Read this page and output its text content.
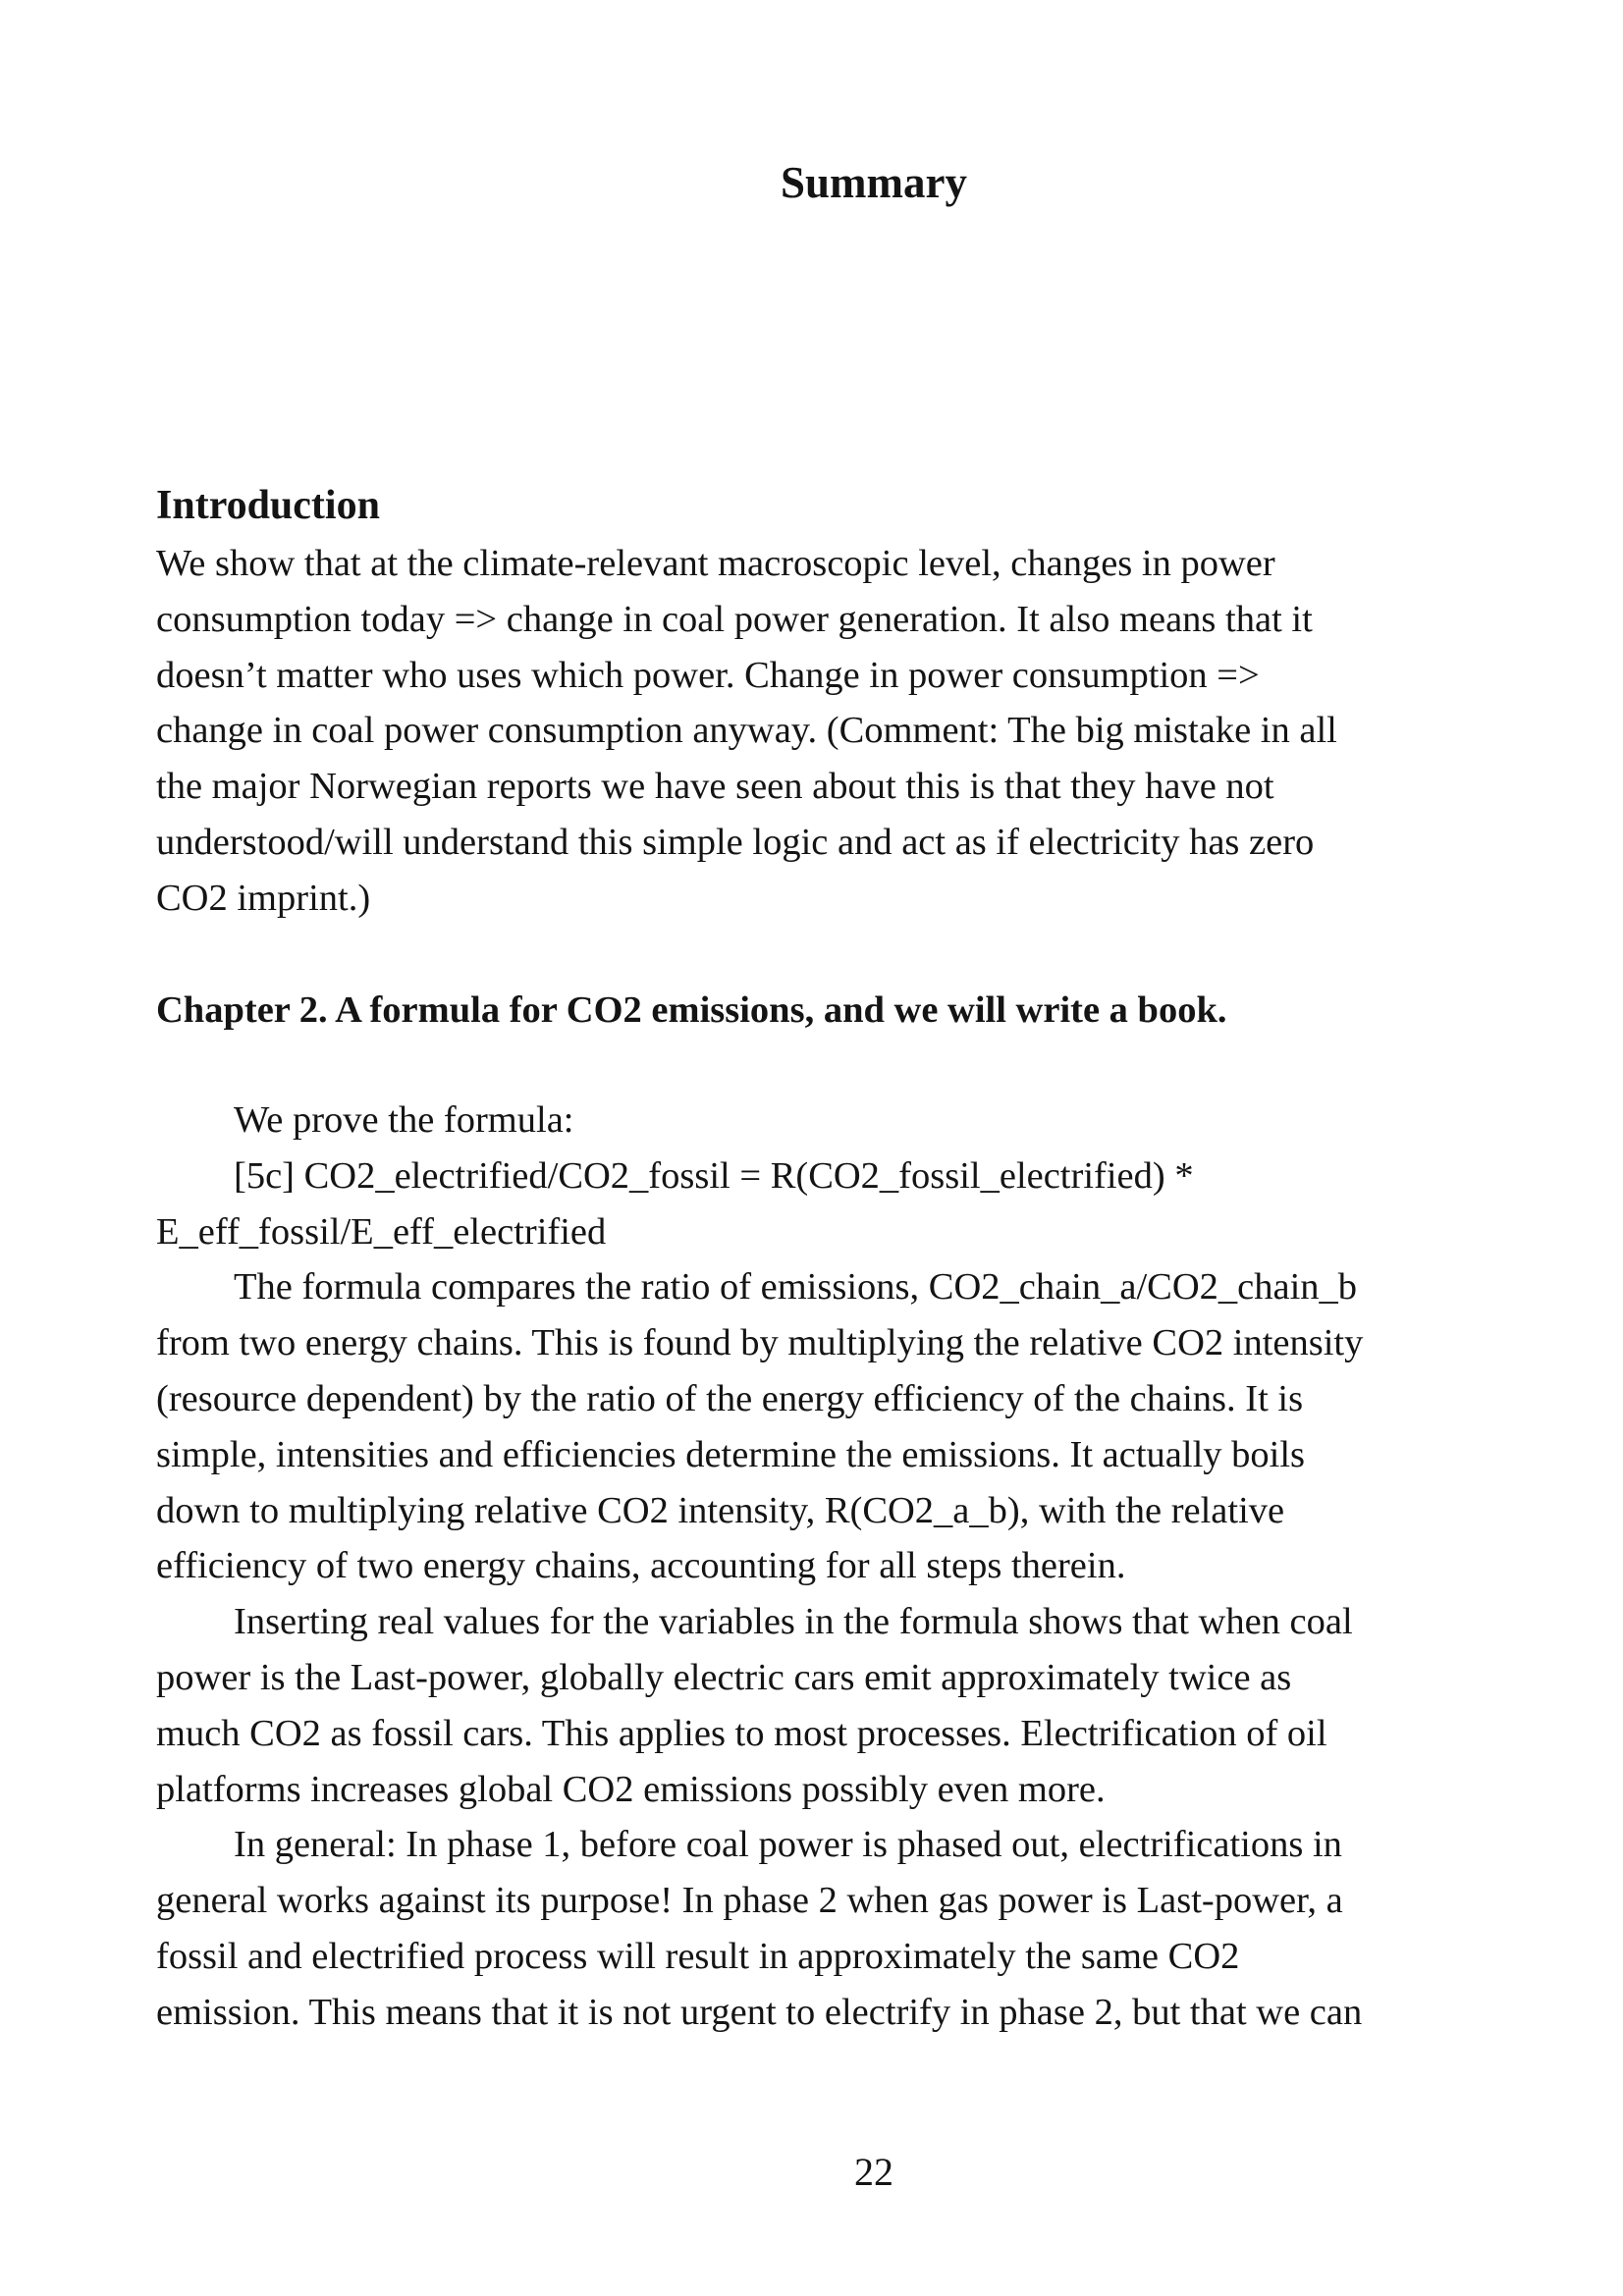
Summary
Introduction
We show that at the climate-relevant macroscopic level, changes in power
consumption today => change in coal power generation. It also means that it
doesn’t matter who uses which power. Change in power consumption =>
change in coal power consumption anyway. (Comment: The big mistake in all
the major Norwegian reports we have seen about this is that they have not
understood/will understand this simple logic and act as if electricity has zero
CO2 imprint.)
Chapter 2. A formula for CO2 emissions, and we will write a book.
We prove the formula:
[5c] CO2_electrified/CO2_fossil = R(CO2_fossil_electrified) *
E_eff_fossil/E_eff_electrified
The formula compares the ratio of emissions, CO2_chain_a/CO2_chain_b
from two energy chains. This is found by multiplying the relative CO2 intensity
(resource dependent) by the ratio of the energy efficiency of the chains. It is
simple, intensities and efficiencies determine the emissions. It actually boils
down to multiplying relative CO2 intensity, R(CO2_a_b), with the relative
efficiency of two energy chains, accounting for all steps therein.
Inserting real values for the variables in the formula shows that when coal
power is the Last-power, globally electric cars emit approximately twice as
much CO2 as fossil cars. This applies to most processes. Electrification of oil
platforms increases global CO2 emissions possibly even more.
In general: In phase 1, before coal power is phased out, electrifications in
general works against its purpose! In phase 2 when gas power is Last-power, a
fossil and electrified process will result in approximately the same CO2
emission. This means that it is not urgent to electrify in phase 2, but that we can
22
